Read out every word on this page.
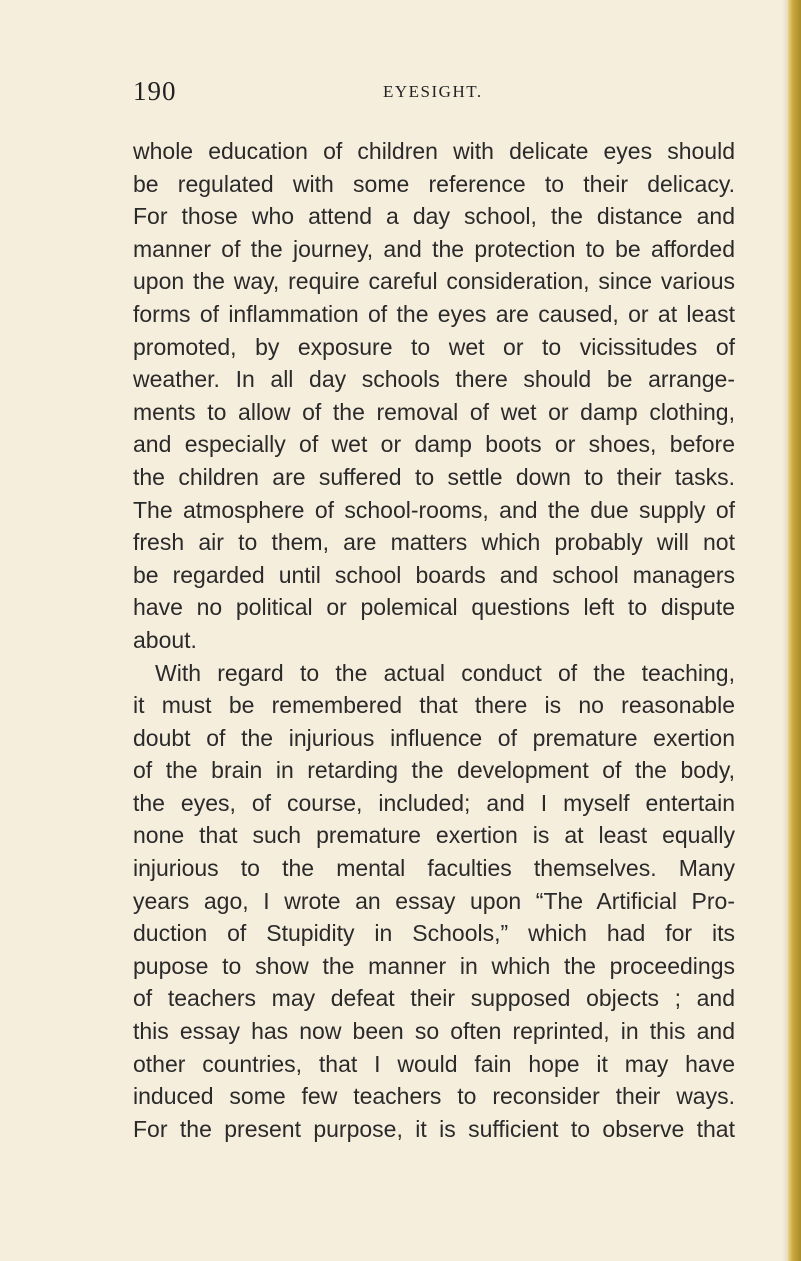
190	EYESIGHT.
whole education of children with delicate eyes should
be regulated with some reference to their delicacy.
For those who attend a day school, the distance and
manner of the journey, and the protection to be afforded
upon the way, require careful consideration, since various
forms of inflammation of the eyes are caused, or at least
promoted, by exposure to wet or to vicissitudes of
weather. In all day schools there should be arrange-
ments to allow of the removal of wet or damp clothing,
and especially of wet or damp boots or shoes, before
the children are suffered to settle down to their tasks.
The atmosphere of school-rooms, and the due supply of
fresh air to them, are matters which probably will not
be regarded until school boards and school managers
have no political or polemical questions left to dispute
about.
With regard to the actual conduct of the teaching,
it must be remembered that there is no reasonable
doubt of the injurious influence of premature exertion
of the brain in retarding the development of the body,
the eyes, of course, included; and I myself entertain
none that such premature exertion is at least equally
injurious to the mental faculties themselves. Many
years ago, I wrote an essay upon “The Artificial Pro-
duction of Stupidity in Schools,” which had for its
pupose to show the manner in which the proceedings
of teachers may defeat their supposed objects ; and
this essay has now been so often reprinted, in this and
other countries, that I would fain hope it may have
induced some few teachers to reconsider their ways.
For the present purpose, it is sufficient to observe that
